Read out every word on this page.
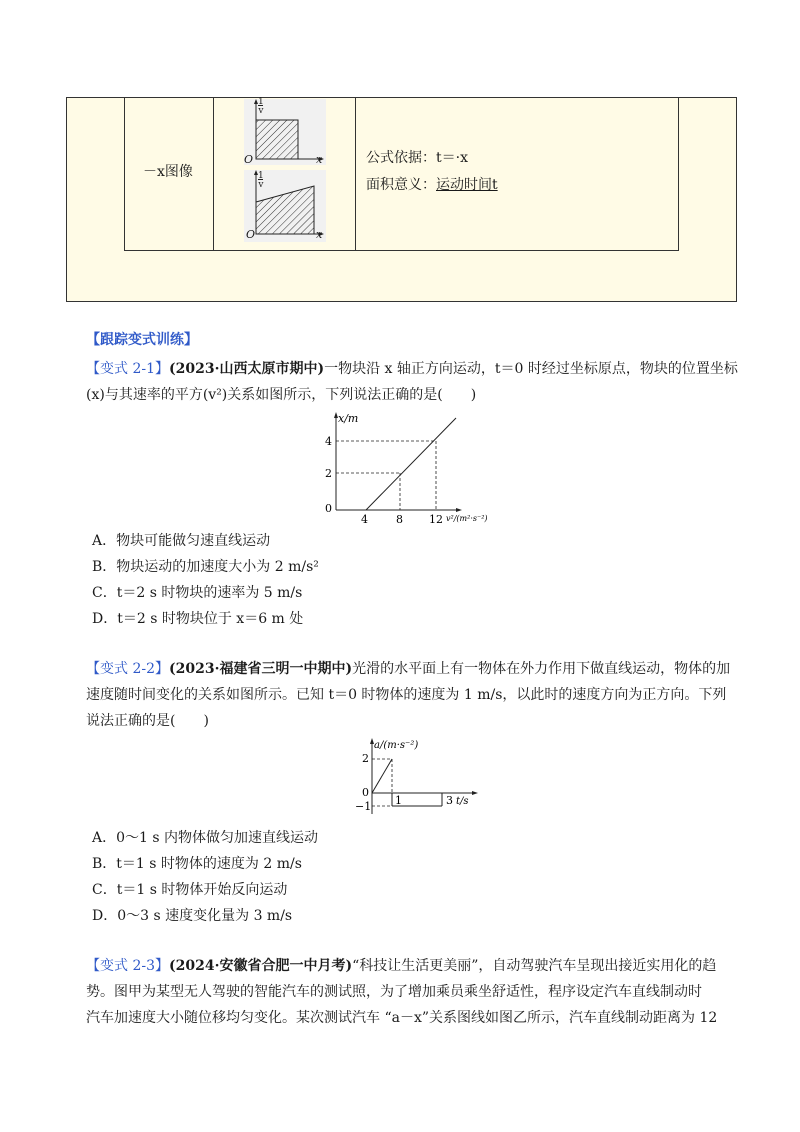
－x图像
1
v
O	x
1
v
O	x
公式依据：t＝·x
面积意义：运动时间t
【跟踪变式训练】
【变式 2-1】(2023·山西太原市期中)一物块沿 x 轴正方向运动，t＝0 时经过坐标原点，物块的位置坐标
(x)与其速率的平方(v²)关系如图所示，下列说法正确的是(　　)
x/m
4
2
0
4	8 12 v²/(m²·s⁻²)
A．物块可能做匀速直线运动
B．物块运动的加速度大小为 2 m/s²
C．t＝2 s 时物块的速率为 5 m/s
D．t＝2 s 时物块位于 x＝6 m 处
【变式 2-2】(2023·福建省三明一中期中)光滑的水平面上有一物体在外力作用下做直线运动，物体的加
速度随时间变化的关系如图所示。已知 t＝0 时物体的速度为 1 m/s，以此时的速度方向为正方向。下列
说法正确的是(　　)
a/(m·s⁻²)
2
0
−1 1	3 t/s
A．0～1 s 内物体做匀加速直线运动
B．t＝1 s 时物体的速度为 2 m/s
C．t＝1 s 时物体开始反向运动
D．0～3 s 速度变化量为 3 m/s
【变式 2-3】(2024·安徽省合肥一中月考)“科技让生活更美丽”，自动驾驶汽车呈现出接近实用化的趋
势。图甲为某型无人驾驶的智能汽车的测试照，为了增加乘员乘坐舒适性，程序设定汽车直线制动时
汽车加速度大小随位移均匀变化。某次测试汽车 “a－x”关系图线如图乙所示，汽车直线制动距离为 12
